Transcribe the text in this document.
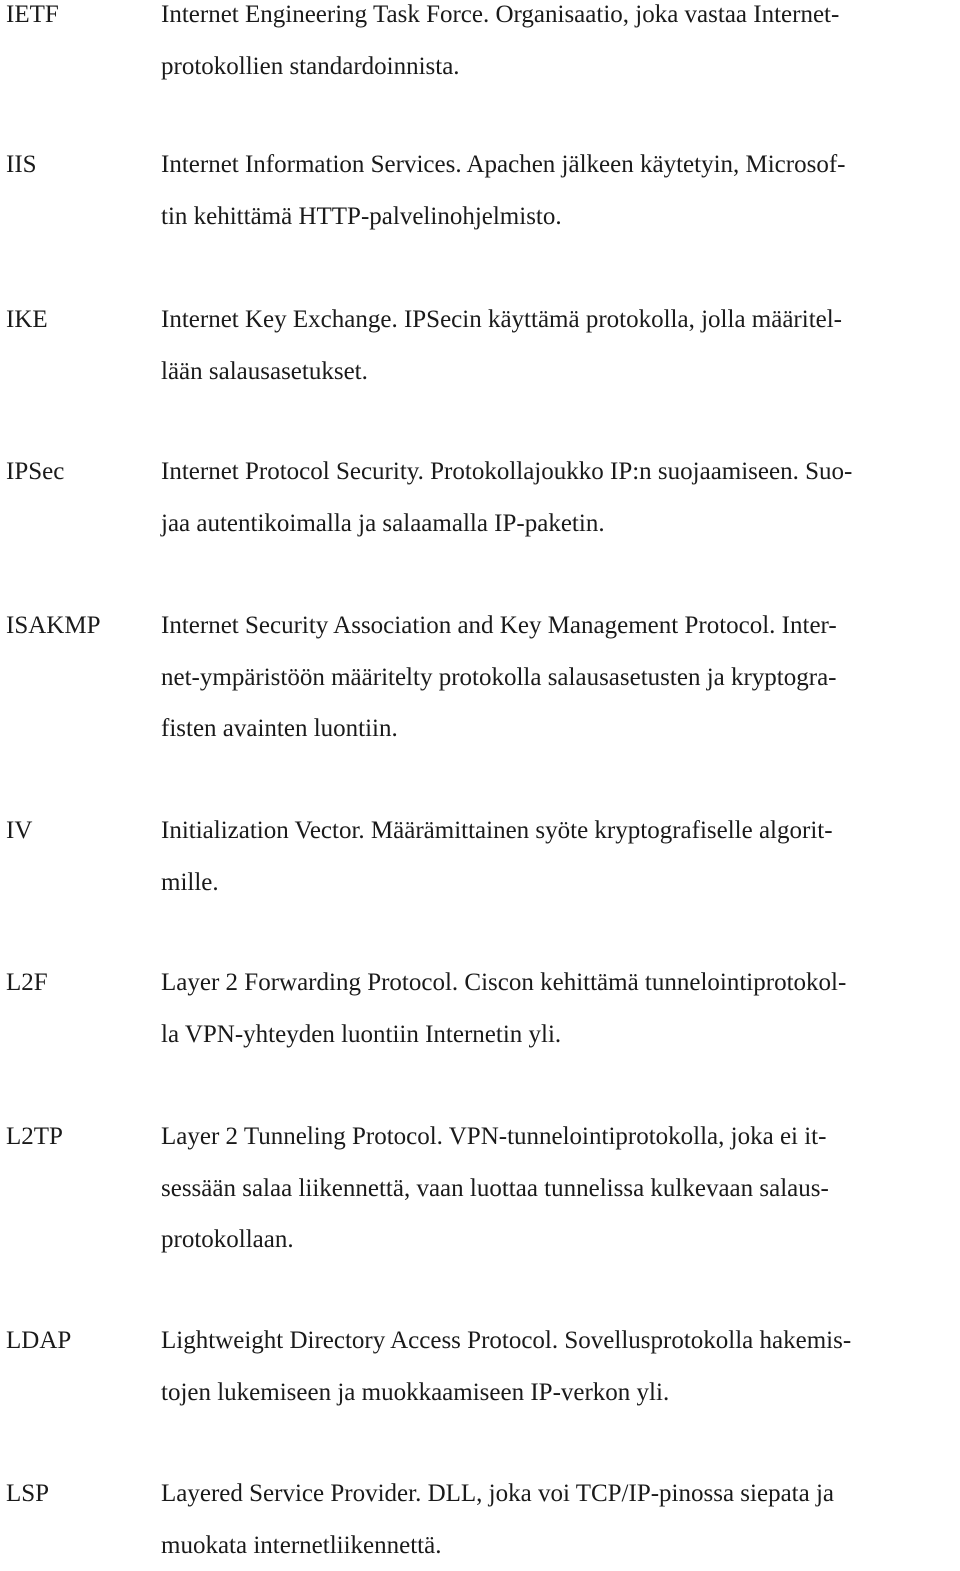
IETF	Internet Engineering Task Force. Organisaatio, joka vastaa Internet-
protokollien standardoinnista.

IIS	Internet Information Services. Apachen jälkeen käytetyin, Microsof-
tin kehittämä HTTP-palvelinohjelmisto.

IKE	Internet Key Exchange. IPSecin käyttämä protokolla, jolla määritel-
lään salausasetukset.

IPSec	Internet Protocol Security. Protokollajoukko IP:n suojaamiseen. Suo-
jaa autentikoimalla ja salaamalla IP-paketin.

ISAKMP Internet Security Association and Key Management Protocol. Inter-
net-ympäristöön määritelty protokolla salausasetusten ja kryptogra-
fisten avainten luontiin.

IV	Initialization Vector. Määrämittainen syöte kryptografiselle algorit-
mille.

L2F	Layer 2 Forwarding Protocol. Ciscon kehittämä tunnelointiprotokol-
la VPN-yhteyden luontiin Internetin yli.

L2TP	Layer 2 Tunneling Protocol. VPN-tunnelointiprotokolla, joka ei it-
sessään salaa liikennettä, vaan luottaa tunnelissa kulkevaan salaus-
protokollaan.

LDAP	Lightweight Directory Access Protocol. Sovellusprotokolla hakemis-
tojen lukemiseen ja muokkaamiseen IP-verkon yli.

LSP	Layered Service Provider. DLL, joka voi TCP/IP-pinossa siepata ja
muokata internetliikennettä.
